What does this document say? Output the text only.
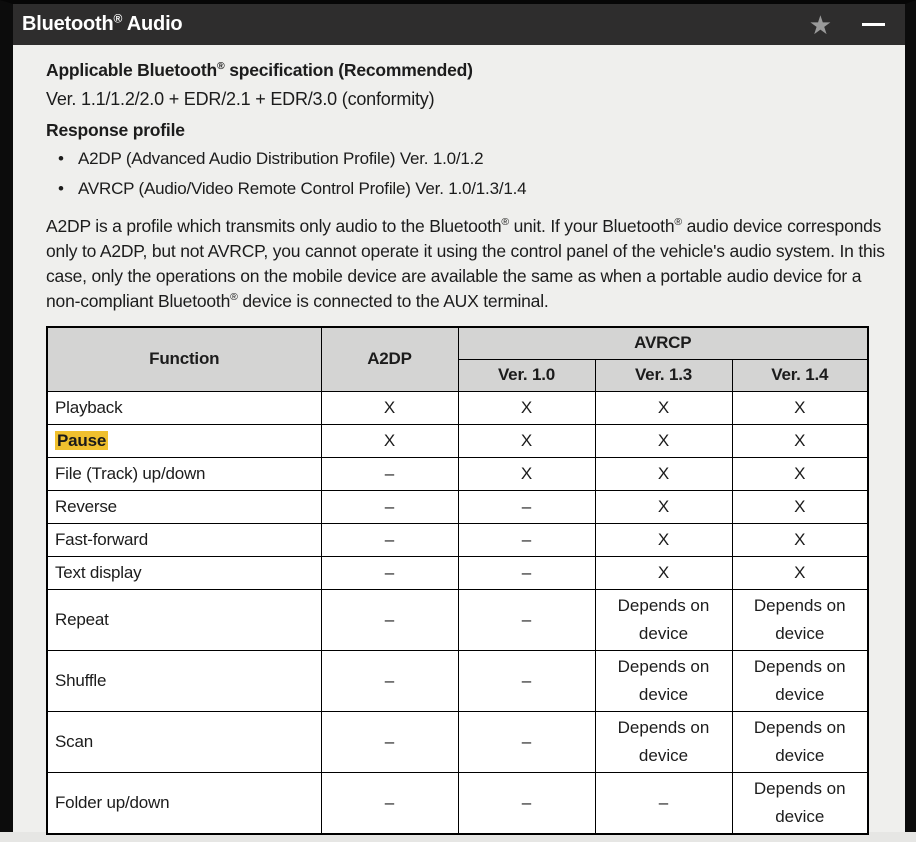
Bluetooth® Audio	★
Applicable Bluetooth® specification (Recommended)
Ver. 1.1/1.2/2.0 + EDR/2.1 + EDR/3.0 (conformity)
Response profile
• A2DP (Advanced Audio Distribution Profile) Ver. 1.0/1.2
• AVRCP (Audio/Video Remote Control Profile) Ver. 1.0/1.3/1.4
A2DP is a profile which transmits only audio to the Bluetooth® unit. If your Bluetooth® audio device corresponds only to A2DP, but not AVRCP, you cannot operate it using the control panel of the vehicle's audio system. In this case, only the operations on the mobile device are available the same as when a portable audio device for a non-compliant Bluetooth® device is connected to the AUX terminal.
Function	A2DP	AVRCP		
		Ver. 1.0	Ver. 1.3	Ver. 1.4
Playback	X	X	X	X
Pause	X	X	X	X
File (Track) up/down	–	X	X	X
Reverse	–	–	X	X
Fast-forward	–	–	X	X
Text display	–	–	X	X
Repeat	–	–	Depends on device	Depends on device
Shuffle	–	–	Depends on device	Depends on device
Scan	–	–	Depends on device	Depends on device
Folder up/down	–	–	–	Depends on device
